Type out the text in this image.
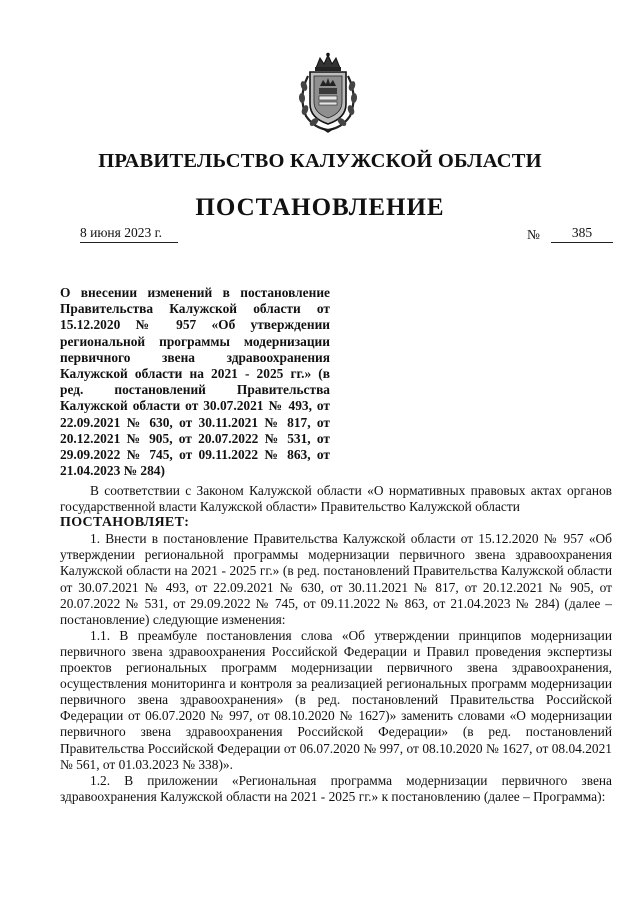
ПРАВИТЕЛЬСТВО КАЛУЖСКОЙ ОБЛАСТИ
ПОСТАНОВЛЕНИЕ
8 июня 2023 г.	№	385
О внесении изменений в постановление Правительства Калужской области от 15.12.2020 № 957 «Об утверждении региональной программы модернизации первичного звена здравоохранения Калужской области на 2021 - 2025 гг.» (в ред. постановлений Правительства Калужской области от 30.07.2021 № 493, от 22.09.2021 № 630, от 30.11.2021 № 817, от 20.12.2021 № 905, от 20.07.2022 № 531, от 29.09.2022 № 745, от 09.11.2022 № 863, от 21.04.2023 № 284)

В соответствии с Законом Калужской области «О нормативных правовых актах органов государственной власти Калужской области» Правительство Калужской области

ПОСТАНОВЛЯЕТ:

1. Внести в постановление Правительства Калужской области от 15.12.2020 № 957 «Об утверждении региональной программы модернизации первичного звена здравоохранения Калужской области на 2021 - 2025 гг.» (в ред. постановлений Правительства Калужской области от 30.07.2021 № 493, от 22.09.2021 № 630, от 30.11.2021 № 817, от 20.12.2021 № 905, от 20.07.2022 № 531, от 29.09.2022 № 745, от 09.11.2022 № 863, от 21.04.2023 № 284) (далее – постановление) следующие изменения:

1.1. В преамбуле постановления слова «Об утверждении принципов модернизации первичного звена здравоохранения Российской Федерации и Правил проведения экспертизы проектов региональных программ модернизации первичного звена здравоохранения, осуществления мониторинга и контроля за реализацией региональных программ модернизации первичного звена здравоохранения» (в ред. постановлений Правительства Российской Федерации от 06.07.2020 № 997, от 08.10.2020 № 1627)» заменить словами «О модернизации первичного звена здравоохранения Российской Федерации» (в ред. постановлений Правительства Российской Федерации от 06.07.2020 № 997, от 08.10.2020 № 1627, от 08.04.2021 № 561, от 01.03.2023 № 338)».

1.2. В приложении «Региональная программа модернизации первичного звена здравоохранения Калужской области на 2021 - 2025 гг.» к постановлению (далее – Программа):
